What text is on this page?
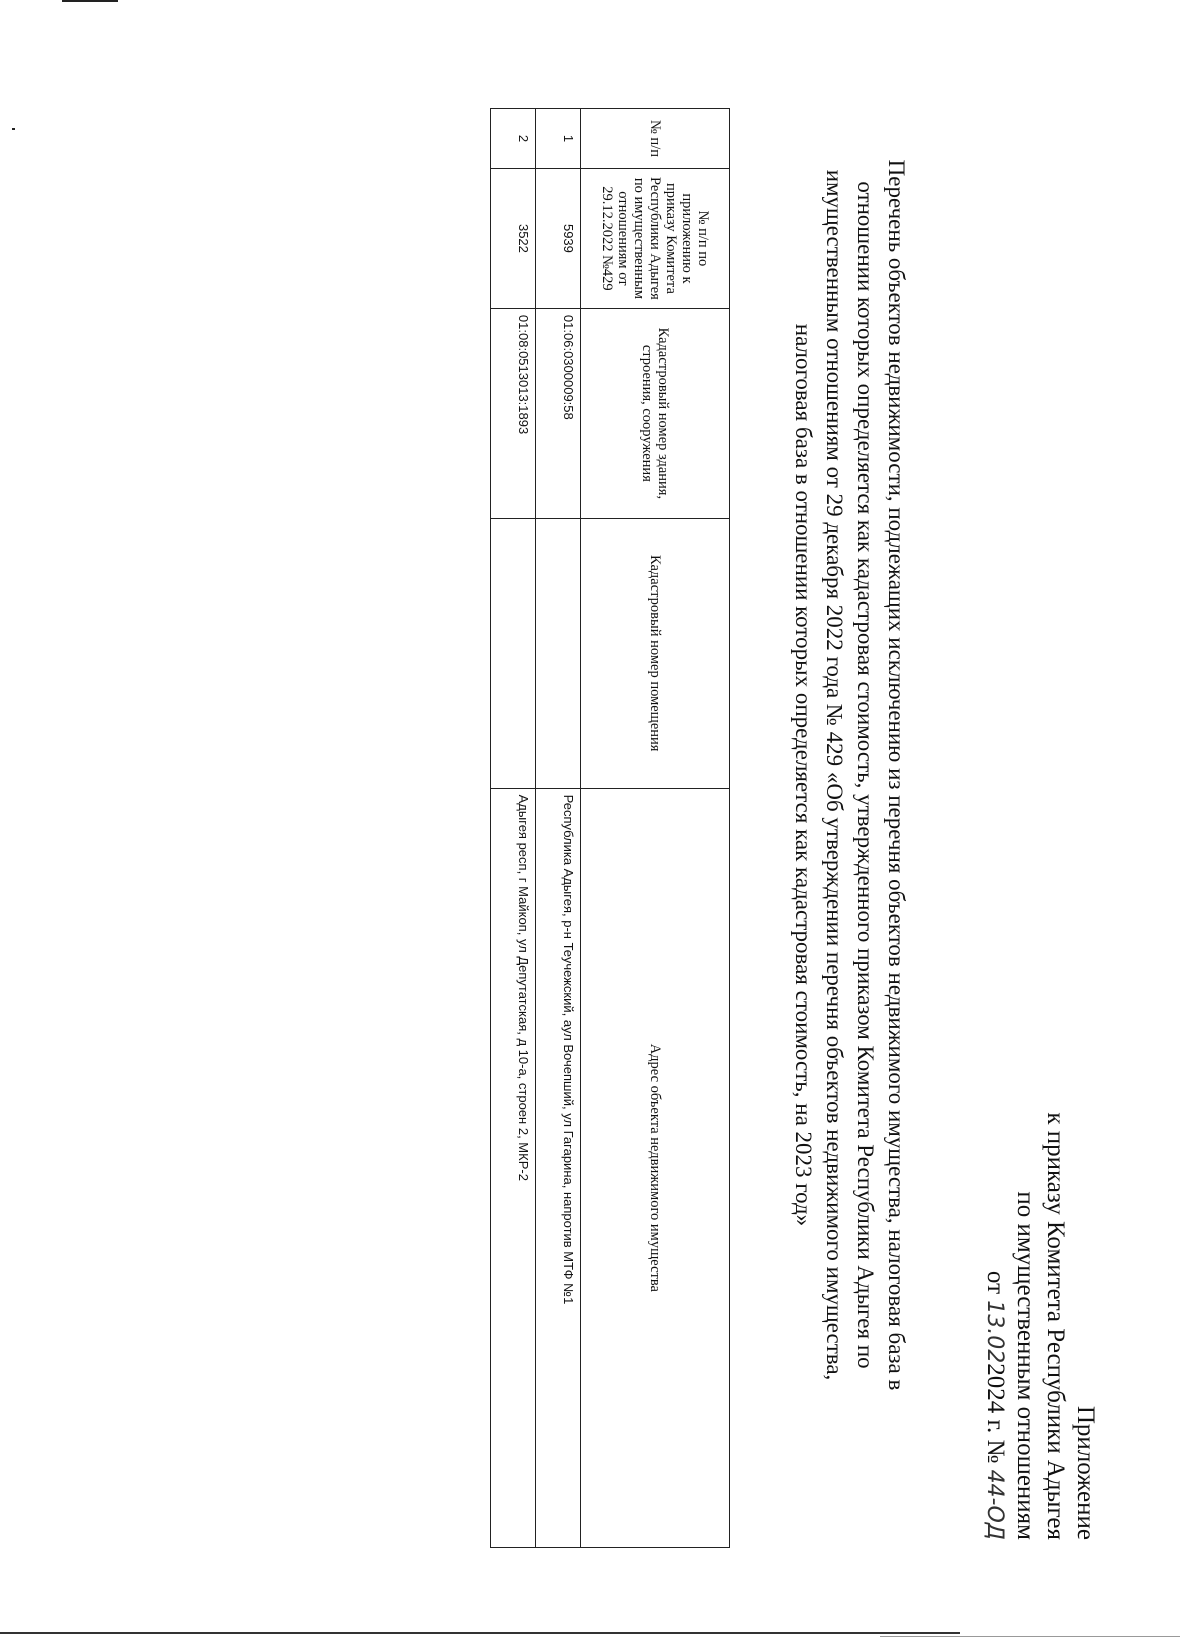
Приложение
к приказу Комитета Республики Адыгея
по имущественным отношениям
от 13.022024 г. № 44-ОД
Перечень объектов недвижимости, подлежащих исключению из перечня объектов недвижимого имущества, налоговая база в отношении которых определяется как кадастровая стоимость, утвержденного приказом Комитета Республики Адыгея по имущественным отношениям от 29 декабря 2022 года № 429 «Об утверждении перечня объектов недвижимого имущества, налоговая база в отношении которых определяется как кадастровая стоимость, на 2023 год»
№ п/п	№ п/п по приложению к приказу Комитета Республики Адыгея по имущественным отношениям от 29.12.2022 №429	Кадастровый номер здания, строения, сооружения	Кадастровый номер помещения	Адрес объекта недвижимого имущества
1	5939	01:06:0300009:58		Республика Адыгея, р-н Теучежский, аул Вочепший, ул Гагарина, напротив МТФ №1
2	3522	01:08:0513013:1893		Адыгея респ, г Майкоп, ул Депутатская, д 10-а, строен 2, МКР-2
